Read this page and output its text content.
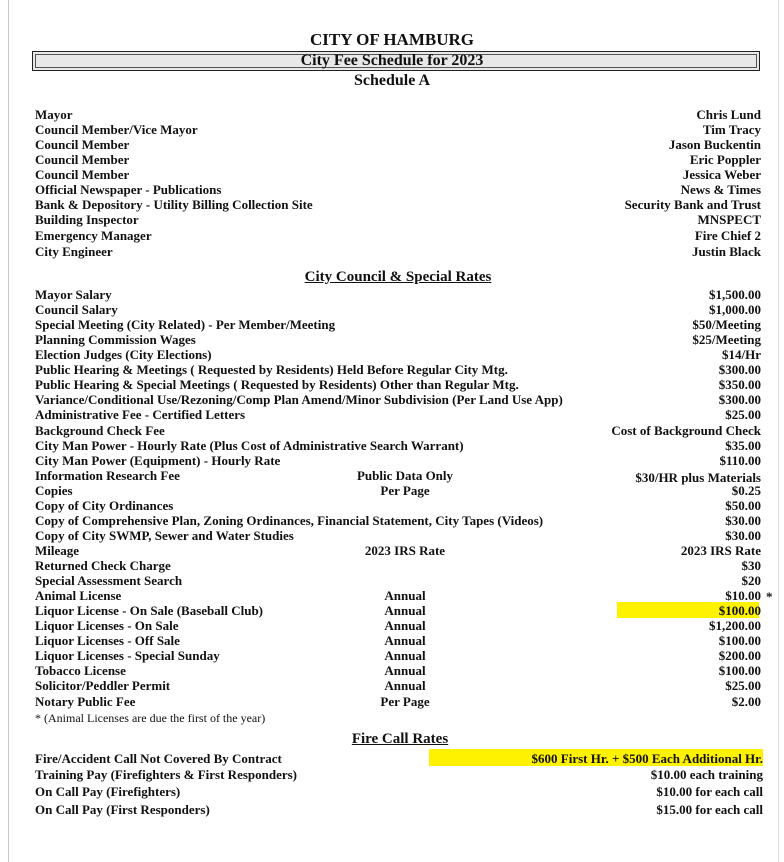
CITY OF HAMBURG
City Fee Schedule for 2023
Schedule A
Mayor	Chris Lund
Council Member/Vice Mayor	Tim Tracy
Council Member	Jason Buckentin
Council Member	Eric Poppler
Council Member	Jessica Weber
Official Newspaper - Publications	News & Times
Bank & Depository - Utility Billing Collection Site	Security Bank and Trust
Building Inspector	MNSPECT
Emergency Manager	Fire Chief 2
City Engineer	Justin Black
City Council & Special Rates
Mayor Salary	$1,500.00
Council Salary	$1,000.00
Special Meeting (City Related) - Per Member/Meeting	$50/Meeting
Planning Commission Wages	$25/Meeting
Election Judges (City Elections)	$14/Hr
Public Hearing & Meetings ( Requested by Residents) Held Before Regular City Mtg.	$300.00
Public Hearing & Special Meetings ( Requested by Residents) Other than Regular Mtg.	$350.00
Variance/Conditional Use/Rezoning/Comp Plan Amend/Minor Subdivision (Per Land Use App)	$300.00
Administrative Fee - Certified Letters	$25.00
Background Check Fee	Cost of Background Check
City Man Power - Hourly Rate (Plus Cost of Administrative Search Warrant)	$35.00
City Man Power (Equipment) - Hourly Rate	$110.00
Information Research Fee	Public Data Only	$30/HR plus Materials
Copies	Per Page	$0.25
Copy of City Ordinances	$50.00
Copy of Comprehensive Plan, Zoning Ordinances, Financial Statement, City Tapes (Videos)	$30.00
Copy of City SWMP, Sewer and Water Studies	$30.00
Mileage	2023 IRS Rate	2023 IRS Rate
Returned Check Charge	$30
Special Assessment Search	$20
Animal License	Annual	$10.00 *
Liquor License - On Sale (Baseball Club)	Annual	$100.00
Liquor Licenses - On Sale	Annual	$1,200.00
Liquor Licenses - Off Sale	Annual	$100.00
Liquor Licenses - Special Sunday	Annual	$200.00
Tobacco License	Annual	$100.00
Solicitor/Peddler Permit	Annual	$25.00
Notary Public Fee	Per Page	$2.00
* (Animal Licenses are due the first of the year)
Fire Call Rates
Fire/Accident Call Not Covered By Contract	$600 First Hr. + $500 Each Additional Hr.
Training Pay (Firefighters & First Responders)	$10.00 each training
On Call Pay (Firefighters)	$10.00 for each call
On Call Pay (First Responders)	$15.00 for each call
